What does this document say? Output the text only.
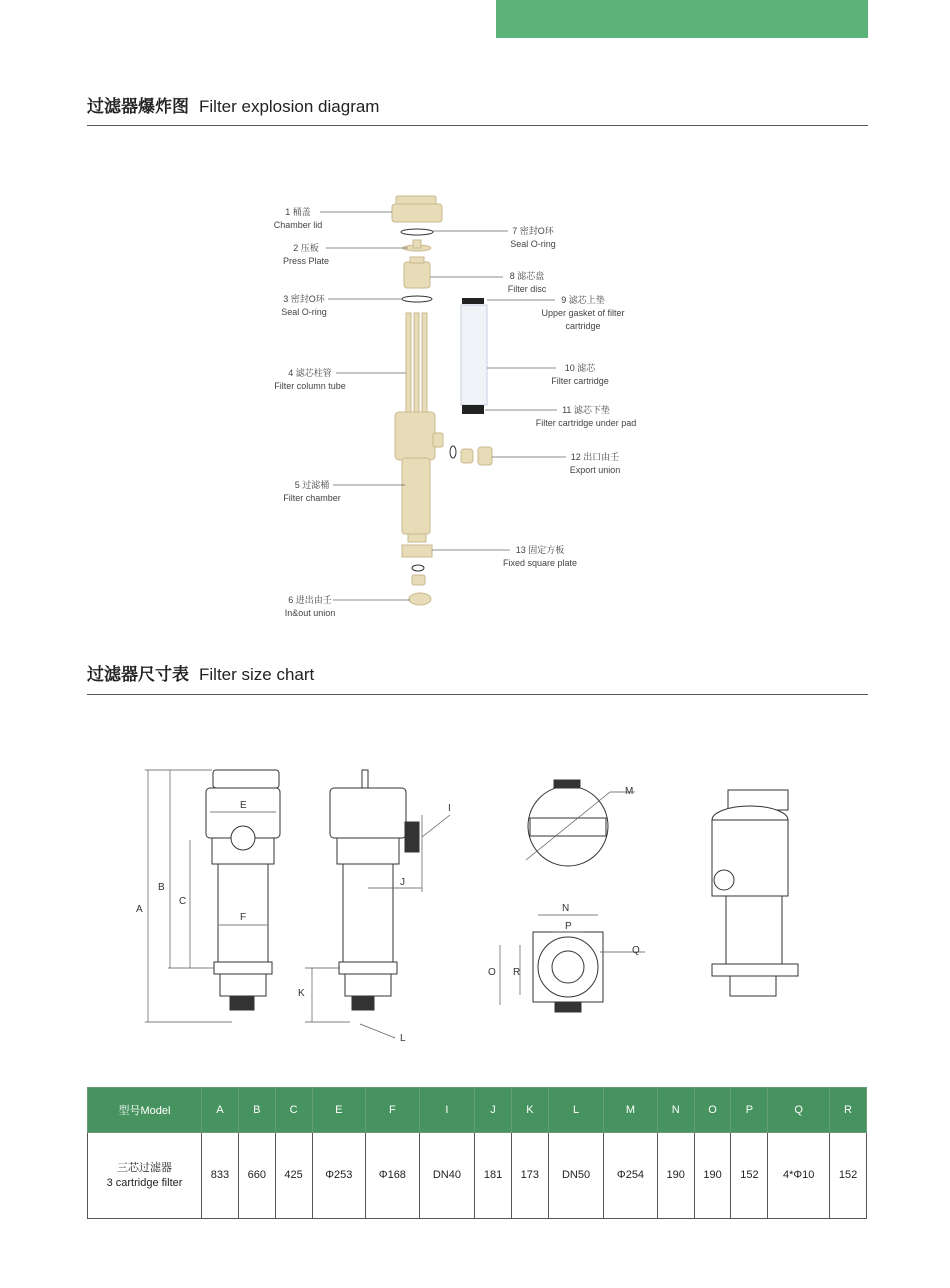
过滤器爆炸图 Filter explosion diagram
1 桶盖
Chamber lid
2 压板
Press Plate
3 密封O环
Seal O-ring
4 滤芯柱管
Filter column tube
5 过滤桶
Filter chamber
6 进出由壬
In&out union
7 密封O环
Seal O-ring
8 滤芯盘
Filter disc
9 滤芯上垫
Upper gasket of filter cartridge
10 滤芯
Filter cartridge
11 滤芯下垫
Filter cartridge under pad
12 出口由壬
Export union
13 固定方板
Fixed square plate
过滤器尺寸表 Filter size chart
A
B
C
E
F
I
J
K
L
M
N
O
P
Q
R
型号Model	A	B	C	E	F	I	J	K	L	M	N	O	P	Q	R

三芯过滤器
3 cartridge filter	833	660	425	Φ253	Φ168	DN40	181	173	DN50	Φ254	190	190	152	4*Φ10	152
